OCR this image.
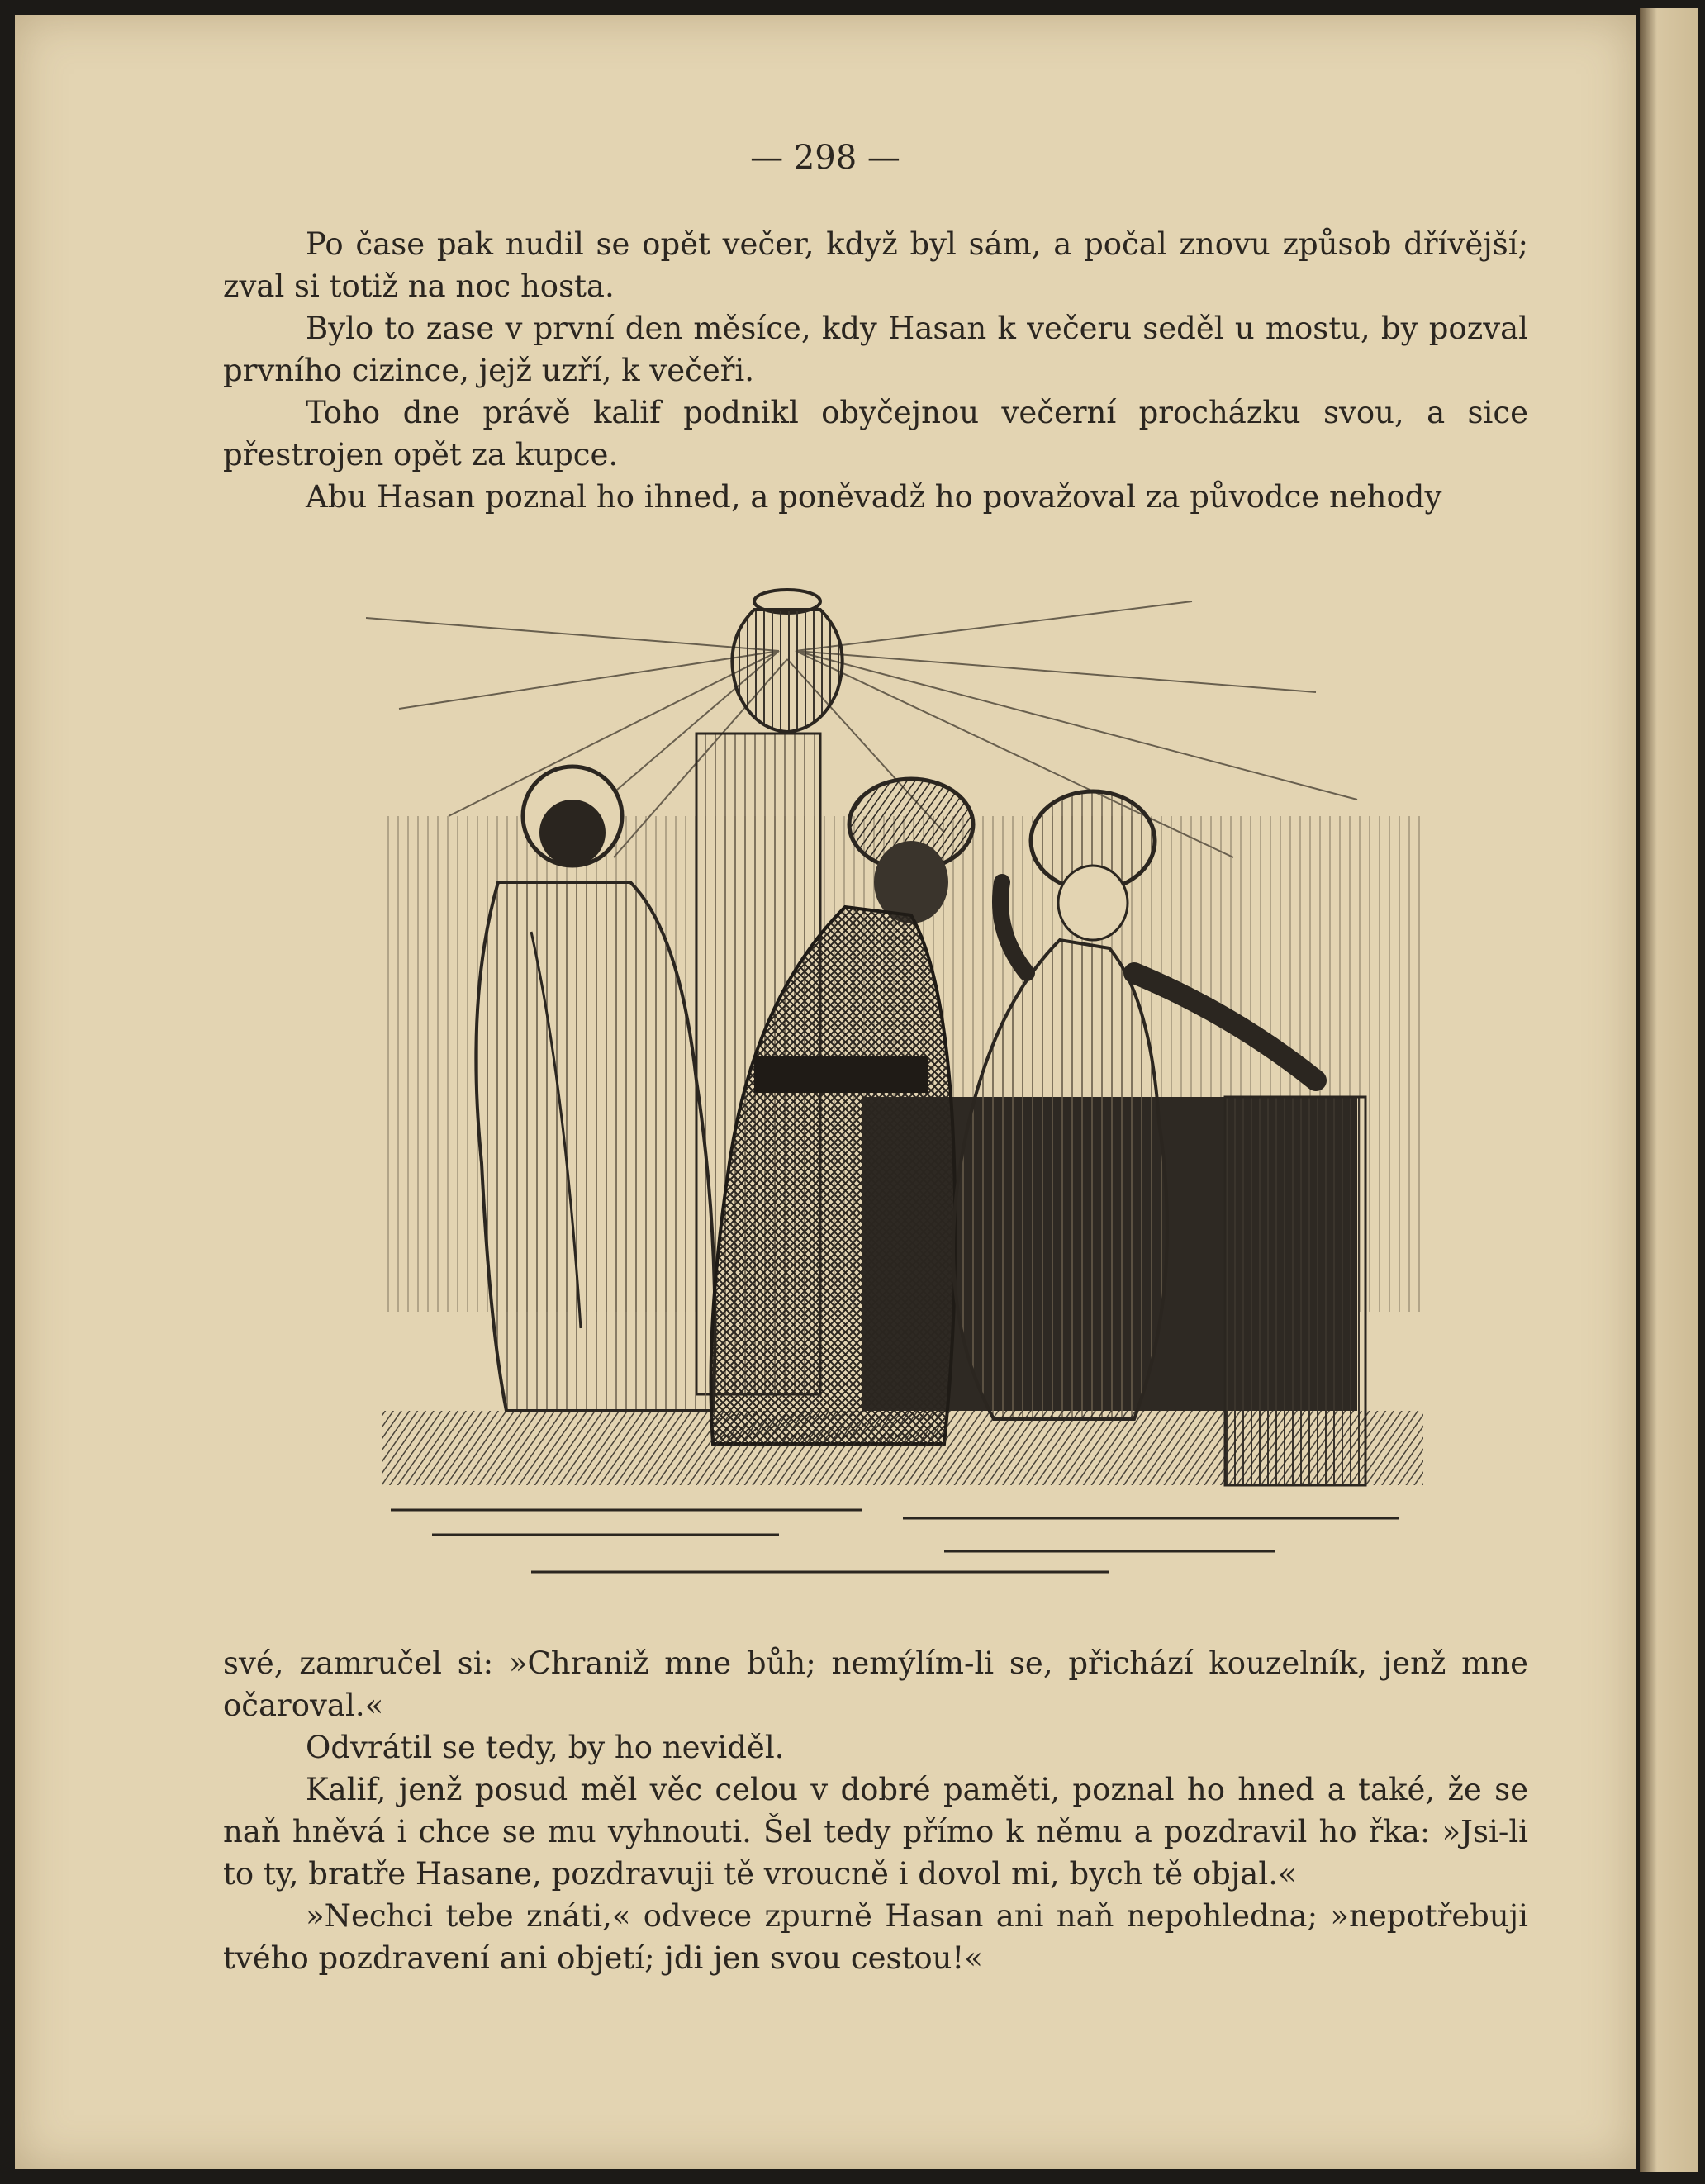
— 298 —

Po čase pak nudil se opět večer, když byl sám, a počal znovu způsob dřívější; zval si totiž na noc hosta.

Bylo to zase v první den měsíce, kdy Hasan k večeru seděl u mostu, by pozval prvního cizince, jejž uzří, k večeři.

Toho dne právě kalif podnikl obyčejnou večerní procházku svou, a sice přestrojen opět za kupce.

Abu Hasan poznal ho ihned, a poněvadž ho považoval za původce nehody

své, zamručel si: »Chraniž mne bůh; nemýlím-li se, přichází kouzelník, jenž mne očaroval.«

Odvrátil se tedy, by ho neviděl.

Kalif, jenž posud měl věc celou v dobré paměti, poznal ho hned a také, že se naň hněvá i chce se mu vyhnouti. Šel tedy přímo k němu a pozdravil ho řka: »Jsi-li to ty, bratře Hasane, pozdravuji tě vroucně i dovol mi, bych tě objal.«

»Nechci tebe znáti,« odvece zpurně Hasan ani naň nepohledna; »nepotřebuji tvého pozdravení ani objetí; jdi jen svou cestou!«
